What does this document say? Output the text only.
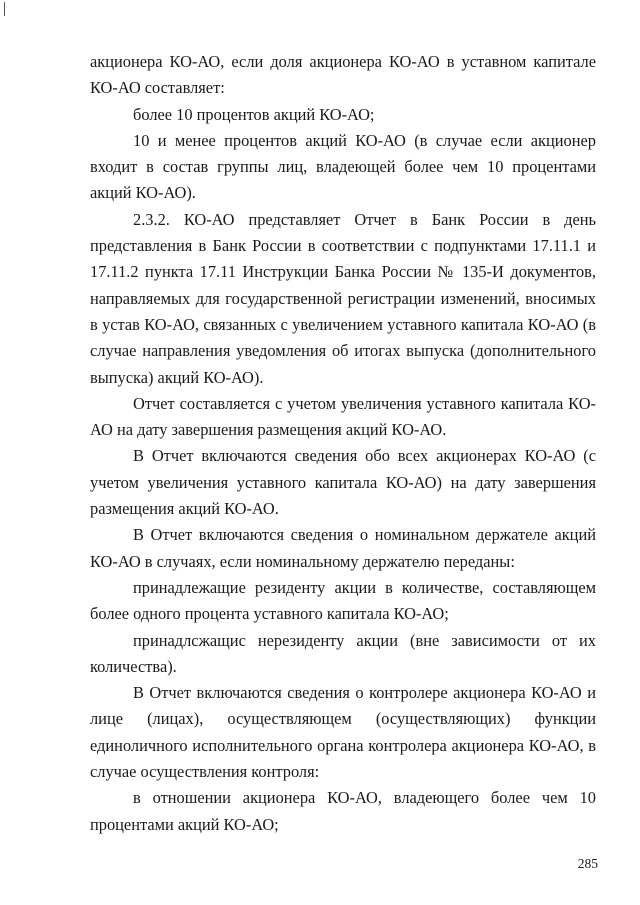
акционера КО-АО, если доля акционера КО-АО в уставном капитале КО-АО составляет:

более 10 процентов акций КО-АО;

10 и менее процентов акций КО-АО (в случае если акционер входит в состав группы лиц, владеющей более чем 10 процентами акций КО-АО).

2.3.2. КО-АО представляет Отчет в Банк России в день представления в Банк России в соответствии с подпунктами 17.11.1 и 17.11.2 пункта 17.11 Инструкции Банка России № 135-И документов, направляемых для государственной регистрации изменений, вносимых в устав КО-АО, связанных с увеличением уставного капитала КО-АО (в случае направления уведомления об итогах выпуска (дополнительного выпуска) акций КО-АО).

Отчет составляется с учетом увеличения уставного капитала КО-АО на дату завершения размещения акций КО-АО.

В Отчет включаются сведения обо всех акционерах КО-АО (с учетом увеличения уставного капитала КО-АО) на дату завершения размещения акций КО-АО.

В Отчет включаются сведения о номинальном держателе акций КО-АО в случаях, если номинальному держателю переданы:

принадлежащие резиденту акции в количестве, составляющем более одного процента уставного капитала КО-АО;

принадлсжащис нерезиденту акции (вне зависимости от их количества).

В Отчет включаются сведения о контролере акционера КО-АО и лице (лицах), осуществляющем (осуществляющих) функции единоличного исполнительного органа контролера акционера КО-АО, в случае осуществления контроля:

в отношении акционера КО-АО, владеющего более чем 10 процентами акций КО-АО;

285
